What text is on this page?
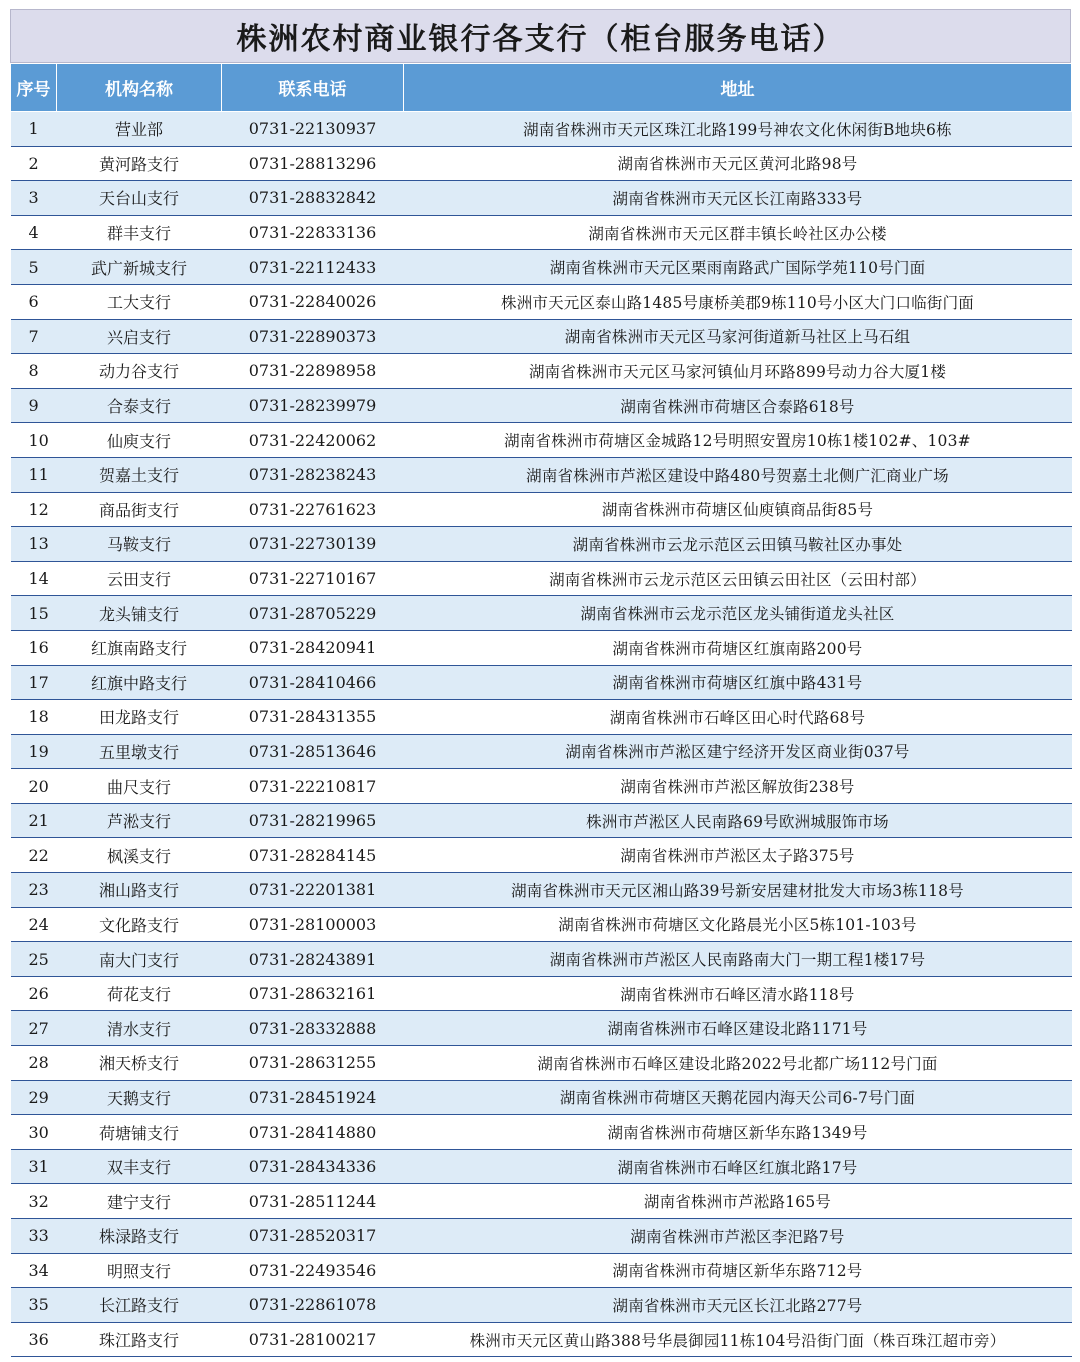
株洲农村商业银行各支行（柜台服务电话）
序号	机构名称	联系电话	地址
1	营业部	0731-22130937	湖南省株洲市天元区珠江北路199号神农文化休闲街B地块6栋
2	黄河路支行	0731-28813296	湖南省株洲市天元区黄河北路98号
3	天台山支行	0731-28832842	湖南省株洲市天元区长江南路333号
4	群丰支行	0731-22833136	湖南省株洲市天元区群丰镇长岭社区办公楼
5	武广新城支行	0731-22112433	湖南省株洲市天元区栗雨南路武广国际学苑110号门面
6	工大支行	0731-22840026	株洲市天元区泰山路1485号康桥美郡9栋110号小区大门口临街门面
7	兴启支行	0731-22890373	湖南省株洲市天元区马家河街道新马社区上马石组
8	动力谷支行	0731-22898958	湖南省株洲市天元区马家河镇仙月环路899号动力谷大厦1楼
9	合泰支行	0731-28239979	湖南省株洲市荷塘区合泰路618号
10	仙庾支行	0731-22420062	湖南省株洲市荷塘区金城路12号明照安置房10栋1楼102#、103#
11	贺嘉土支行	0731-28238243	湖南省株洲市芦淞区建设中路480号贺嘉土北侧广汇商业广场
12	商品街支行	0731-22761623	湖南省株洲市荷塘区仙庾镇商品街85号
13	马鞍支行	0731-22730139	湖南省株洲市云龙示范区云田镇马鞍社区办事处
14	云田支行	0731-22710167	湖南省株洲市云龙示范区云田镇云田社区（云田村部）
15	龙头铺支行	0731-28705229	湖南省株洲市云龙示范区龙头铺街道龙头社区
16	红旗南路支行	0731-28420941	湖南省株洲市荷塘区红旗南路200号
17	红旗中路支行	0731-28410466	湖南省株洲市荷塘区红旗中路431号
18	田龙路支行	0731-28431355	湖南省株洲市石峰区田心时代路68号
19	五里墩支行	0731-28513646	湖南省株洲市芦淞区建宁经济开发区商业街037号
20	曲尺支行	0731-22210817	湖南省株洲市芦淞区解放街238号
21	芦淞支行	0731-28219965	株洲市芦淞区人民南路69号欧洲城服饰市场
22	枫溪支行	0731-28284145	湖南省株洲市芦淞区太子路375号
23	湘山路支行	0731-22201381	湖南省株洲市天元区湘山路39号新安居建材批发大市场3栋118号
24	文化路支行	0731-28100003	湖南省株洲市荷塘区文化路晨光小区5栋101-103号
25	南大门支行	0731-28243891	湖南省株洲市芦淞区人民南路南大门一期工程1楼17号
26	荷花支行	0731-28632161	湖南省株洲市石峰区清水路118号
27	清水支行	0731-28332888	湖南省株洲市石峰区建设北路1171号
28	湘天桥支行	0731-28631255	湖南省株洲市石峰区建设北路2022号北都广场112号门面
29	天鹅支行	0731-28451924	湖南省株洲市荷塘区天鹅花园内海天公司6-7号门面
30	荷塘铺支行	0731-28414880	湖南省株洲市荷塘区新华东路1349号
31	双丰支行	0731-28434336	湖南省株洲市石峰区红旗北路17号
32	建宁支行	0731-28511244	湖南省株洲市芦淞路165号
33	株渌路支行	0731-28520317	湖南省株洲市芦淞区李汜路7号
34	明照支行	0731-22493546	湖南省株洲市荷塘区新华东路712号
35	长江路支行	0731-22861078	湖南省株洲市天元区长江北路277号
36	珠江路支行	0731-28100217	株洲市天元区黄山路388号华晨御园11栋104号沿街门面（株百珠江超市旁）
